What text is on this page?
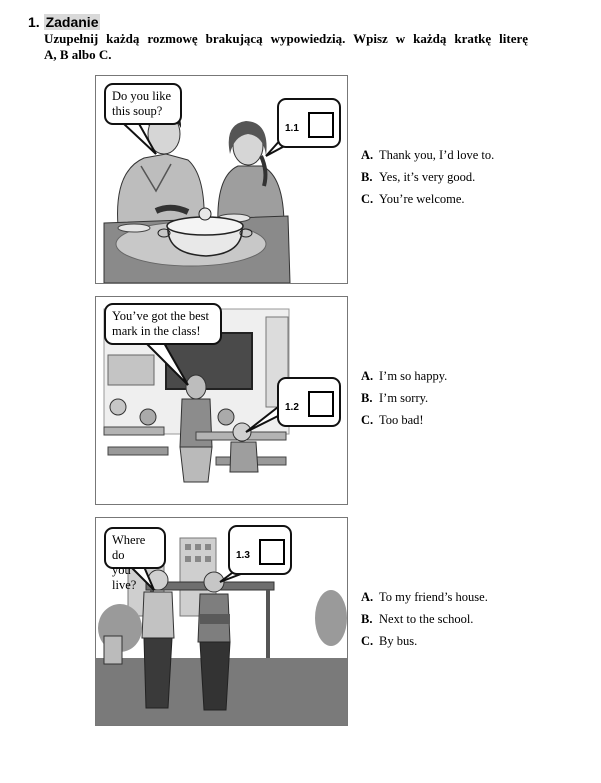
1. Zadanie
Uzupełnij każdą rozmowę brakującą wypowiedzią. Wpisz w każdą kratkę literę
A, B albo C.
Do you like
this soup?
1.1
A. Thank you, I’d love to.
B. Yes, it’s very good.
C. You’re welcome.
You’ve got the best
mark in the class!
1.2
A. I’m so happy.
B. I’m sorry.
C. Too bad!
Where do
you live?
1.3
A. To my friend’s house.
B. Next to the school.
C. By bus.
